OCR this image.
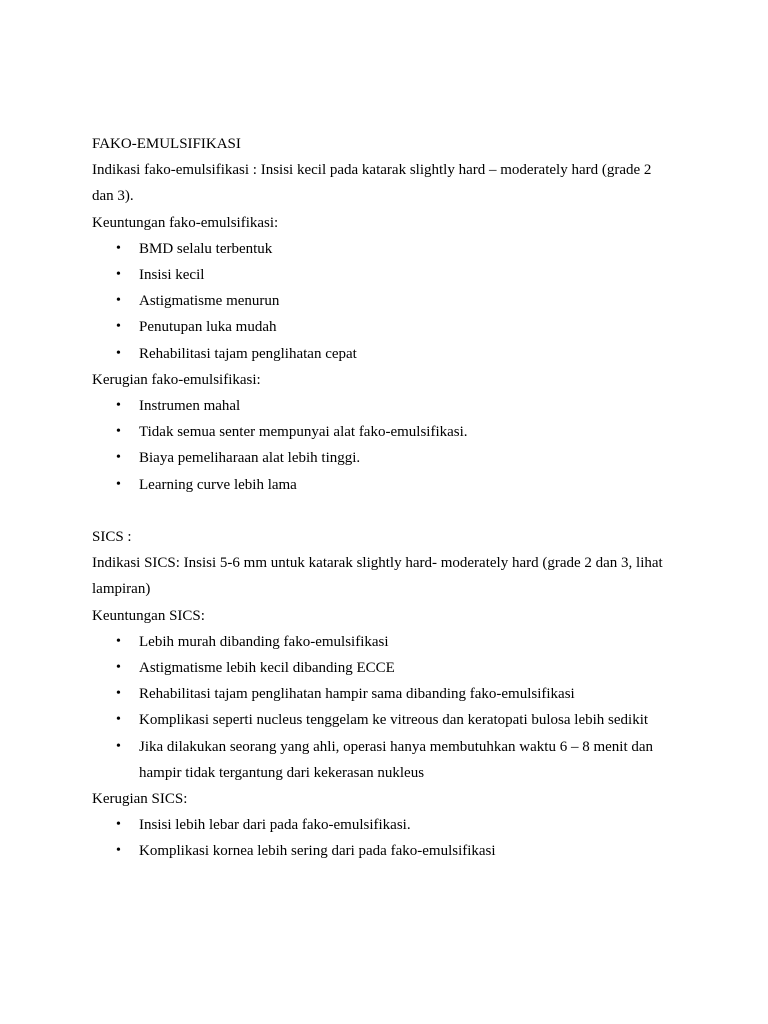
FAKO-EMULSIFIKASI

Indikasi fako-emulsifikasi : Insisi kecil pada katarak slightly hard – moderately hard (grade 2

dan 3).

Keuntungan fako-emulsifikasi:

• BMD selalu terbentuk
• Insisi kecil
• Astigmatisme menurun
• Penutupan luka mudah
• Rehabilitasi tajam penglihatan cepat

Kerugian fako-emulsifikasi:

• Instrumen mahal
• Tidak semua senter mempunyai alat fako-emulsifikasi.
• Biaya pemeliharaan alat lebih tinggi.
• Learning curve lebih lama

SICS :

Indikasi SICS: Insisi 5-6 mm untuk katarak slightly hard- moderately hard (grade 2 dan 3, lihat

lampiran)

Keuntungan SICS:

• Lebih murah dibanding fako-emulsifikasi
• Astigmatisme lebih kecil dibanding ECCE
• Rehabilitasi tajam penglihatan hampir sama dibanding fako-emulsifikasi
• Komplikasi seperti nucleus tenggelam ke vitreous dan keratopati bulosa lebih sedikit
• Jika dilakukan seorang yang ahli, operasi hanya membutuhkan waktu 6 – 8 menit dan
hampir tidak tergantung dari kekerasan nukleus

Kerugian SICS:

• Insisi lebih lebar dari pada fako-emulsifikasi.
• Komplikasi kornea lebih sering dari pada fako-emulsifikasi
